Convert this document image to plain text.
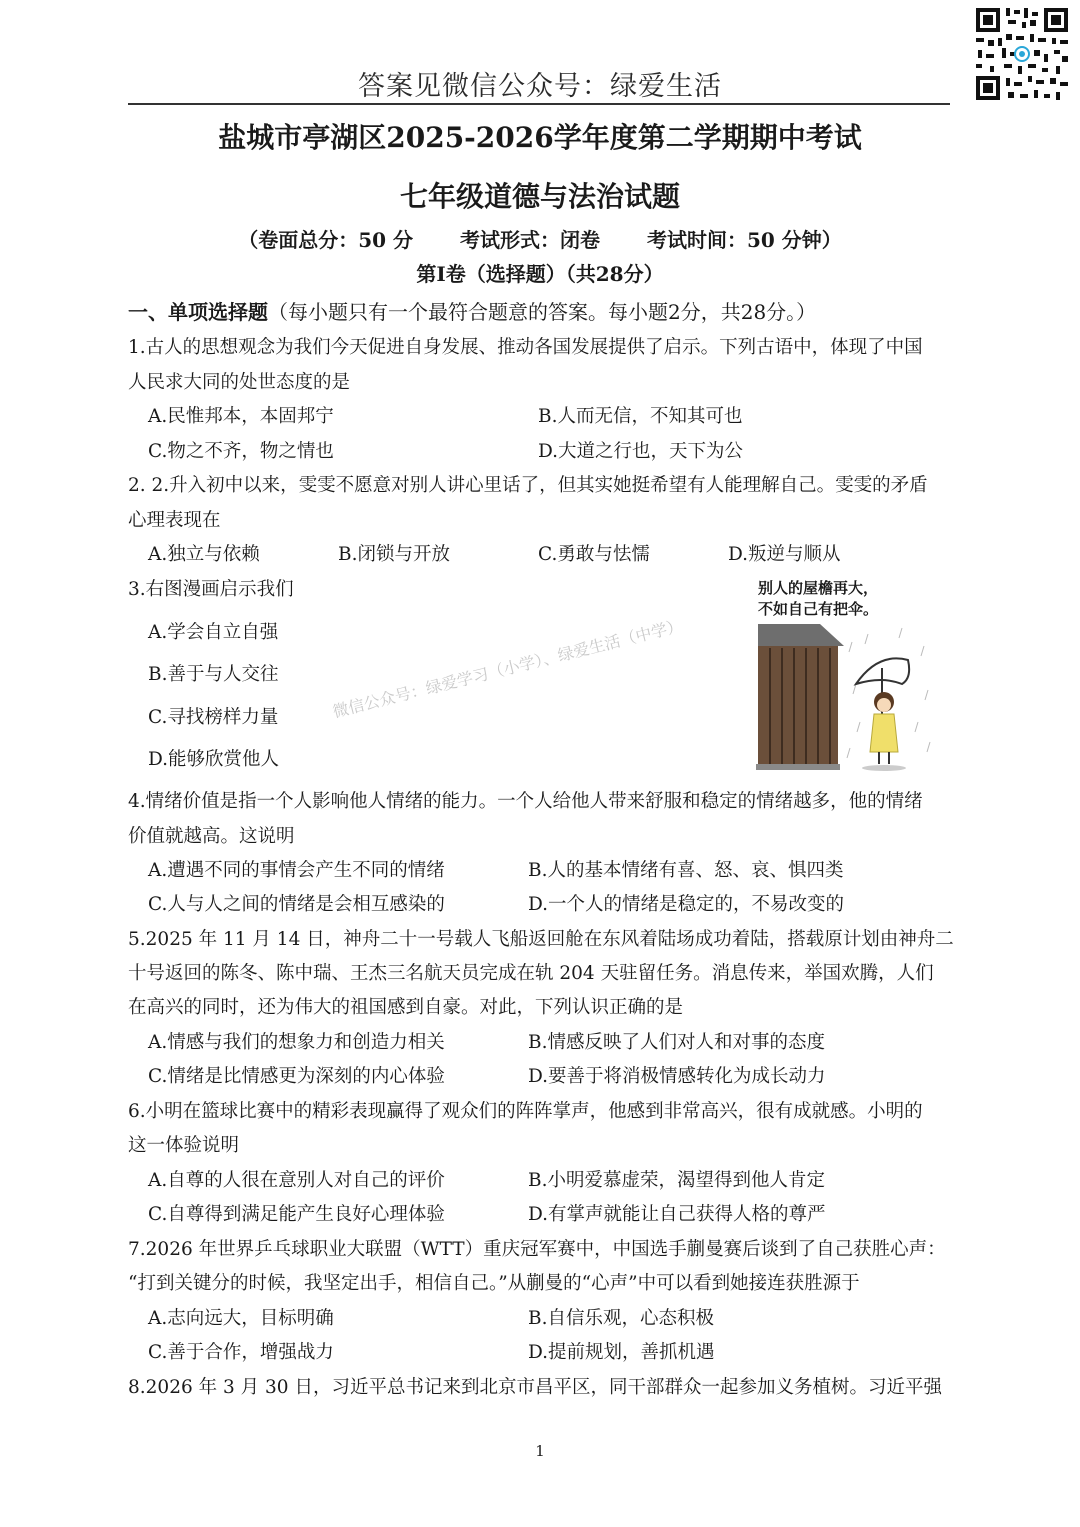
答案见微信公众号：绿爱生活
盐城市亭湖区2025-2026学年度第二学期期中考试
七年级道德与法治试题
（卷面总分：50 分 考试形式：闭卷 考试时间：50 分钟）
第Ⅰ卷（选择题）（共28分）
一、单项选择题（每小题只有一个最符合题意的答案。每小题2分，共28分。）
1.古人的思想观念为我们今天促进自身发展、推动各国发展提供了启示。下列古语中，体现了中国
人民求大同的处世态度的是
A.民惟邦本，本固邦宁	B.人而无信，不知其可也
C.物之不齐，物之情也	D.大道之行也，天下为公
2. 2.升入初中以来，雯雯不愿意对别人讲心里话了，但其实她挺希望有人能理解自己。雯雯的矛盾
心理表现在
A.独立与依赖	B.闭锁与开放	C.勇敢与怯懦	D.叛逆与顺从
3.右图漫画启示我们
A.学会自立自强
B.善于与人交往
C.寻找榜样力量
D.能够欣赏他人
别人的屋檐再大，
不如自己有把伞。
微信公众号：绿爱学习（小学）、绿爱生活（中学）
4.情绪价值是指一个人影响他人情绪的能力。一个人给他人带来舒服和稳定的情绪越多，他的情绪
价值就越高。这说明
A.遭遇不同的事情会产生不同的情绪	B.人的基本情绪有喜、怒、哀、惧四类
C.人与人之间的情绪是会相互感染的	D.一个人的情绪是稳定的，不易改变的
5.2025 年 11 月 14 日，神舟二十一号载人飞船返回舱在东风着陆场成功着陆，搭载原计划由神舟二
十号返回的陈冬、陈中瑞、王杰三名航天员完成在轨 204 天驻留任务。消息传来，举国欢腾，人们
在高兴的同时，还为伟大的祖国感到自豪。对此，下列认识正确的是
A.情感与我们的想象力和创造力相关	B.情感反映了人们对人和对事的态度
C.情绪是比情感更为深刻的内心体验	D.要善于将消极情感转化为成长动力
6.小明在篮球比赛中的精彩表现赢得了观众们的阵阵掌声，他感到非常高兴，很有成就感。小明的
这一体验说明
A.自尊的人很在意别人对自己的评价	B.小明爱慕虚荣，渴望得到他人肯定
C.自尊得到满足能产生良好心理体验	D.有掌声就能让自己获得人格的尊严
7.2026 年世界乒乓球职业大联盟（WTT）重庆冠军赛中，中国选手蒯曼赛后谈到了自己获胜心声：
“打到关键分的时候，我坚定出手，相信自己。”从蒯曼的“心声”中可以看到她接连获胜源于
A.志向远大，目标明确	B.自信乐观，心态积极
C.善于合作，增强战力	D.提前规划，善抓机遇
8.2026 年 3 月 30 日，习近平总书记来到北京市昌平区，同干部群众一起参加义务植树。习近平强
1
